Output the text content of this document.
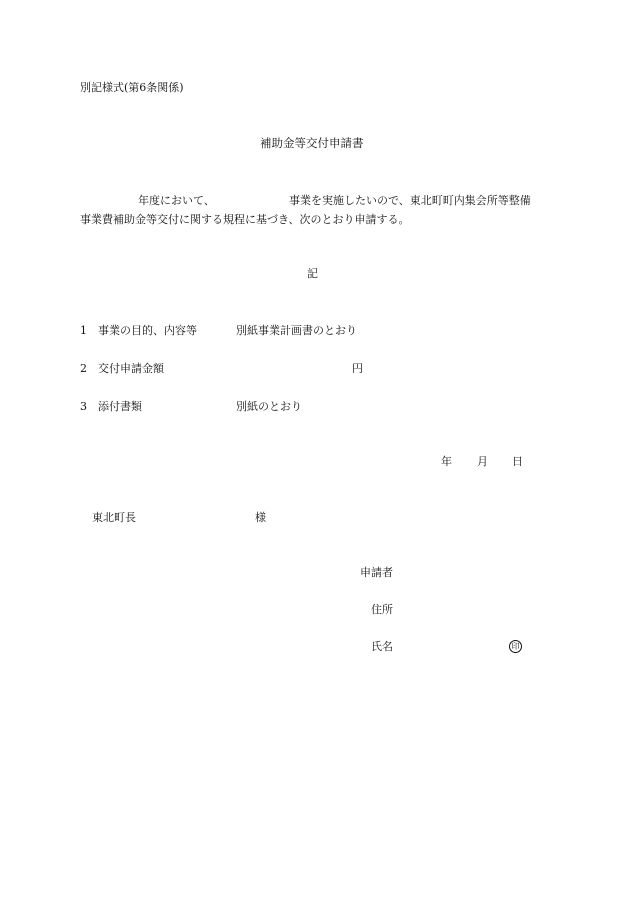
別記様式(第6条関係)
補助金等交付申請書
年度において、	事業を実施したいので、東北町町内集会所等整備
事業費補助金等交付に関する規程に基づき、次のとおり申請する。
記
1 事業の目的、内容等	別紙事業計画書のとおり
2 交付申請金額	円
3 添付書類	別紙のとおり
年 月 日
東北町長	様
申請者
住所
氏名	印
